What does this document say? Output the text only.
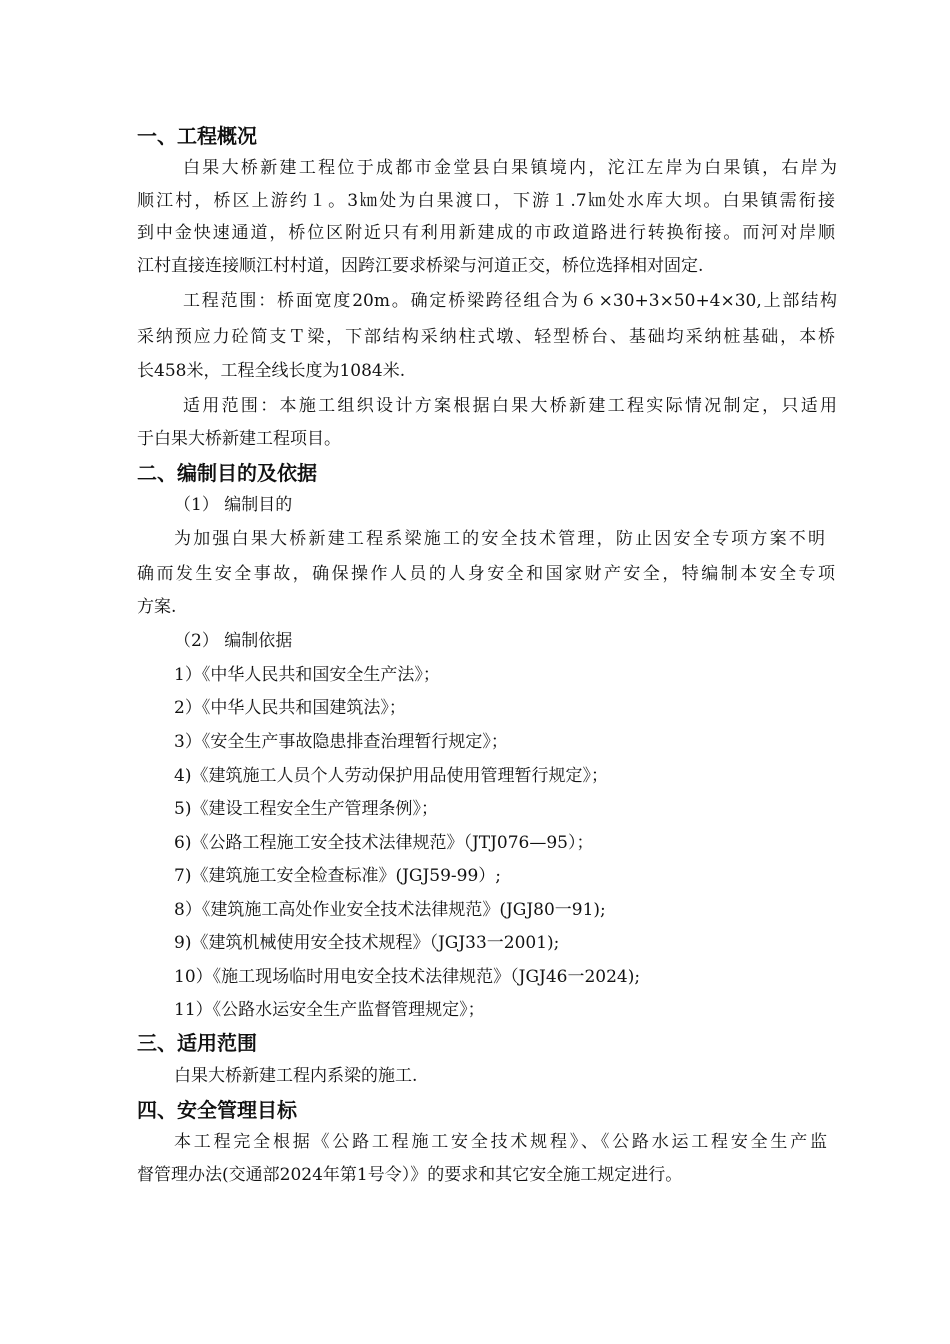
一、工程概况
白果大桥新建工程位于成都市金堂县白果镇境内，沱江左岸为白果镇，右岸为
顺江村，桥区上游约１。3㎞处为白果渡口，下游１.7㎞处水库大坝。白果镇需衔接
到中金快速通道，桥位区附近只有利用新建成的市政道路进行转换衔接。而河对岸顺
江村直接连接顺江村村道，因跨江要求桥梁与河道正交，桥位选择相对固定.
工程范围：桥面宽度20m。确定桥梁跨径组合为６×30+3×50+4×30,上部结构
采纳预应力砼简支Ｔ梁，下部结构采纳柱式墩、轻型桥台、基础均采纳桩基础，本桥
长458米，工程全线长度为1084米.
适用范围：本施工组织设计方案根据白果大桥新建工程实际情况制定，只适用
于白果大桥新建工程项目。
二、编制目的及依据
（1） 编制目的
为加强白果大桥新建工程系梁施工的安全技术管理，防止因安全专项方案不明
确而发生安全事故，确保操作人员的人身安全和国家财产安全，特编制本安全专项
方案.
（2） 编制依据
1）《中华人民共和国安全生产法》；
2）《中华人民共和国建筑法》；
3）《安全生产事故隐患排查治理暂行规定》；
4)《建筑施工人员个人劳动保护用品使用管理暂行规定》；
5)《建设工程安全生产管理条例》；
6)《公路工程施工安全技术法律规范》（JTJ076—95）；
7)《建筑施工安全检查标准》(JGJ59-99）;
8）《建筑施工高处作业安全技术法律规范》(JGJ80一91);
9)《建筑机械使用安全技术规程》（JGJ33一2001);
10）《施工现场临时用电安全技术法律规范》（JGJ46一2024);
11）《公路水运安全生产监督管理规定》；
三、适用范围
白果大桥新建工程内系梁的施工.
四、安全管理目标
本工程完全根据《公路工程施工安全技术规程》、《公路水运工程安全生产监
督管理办法(交通部2024年第1号令）》的要求和其它安全施工规定进行。
